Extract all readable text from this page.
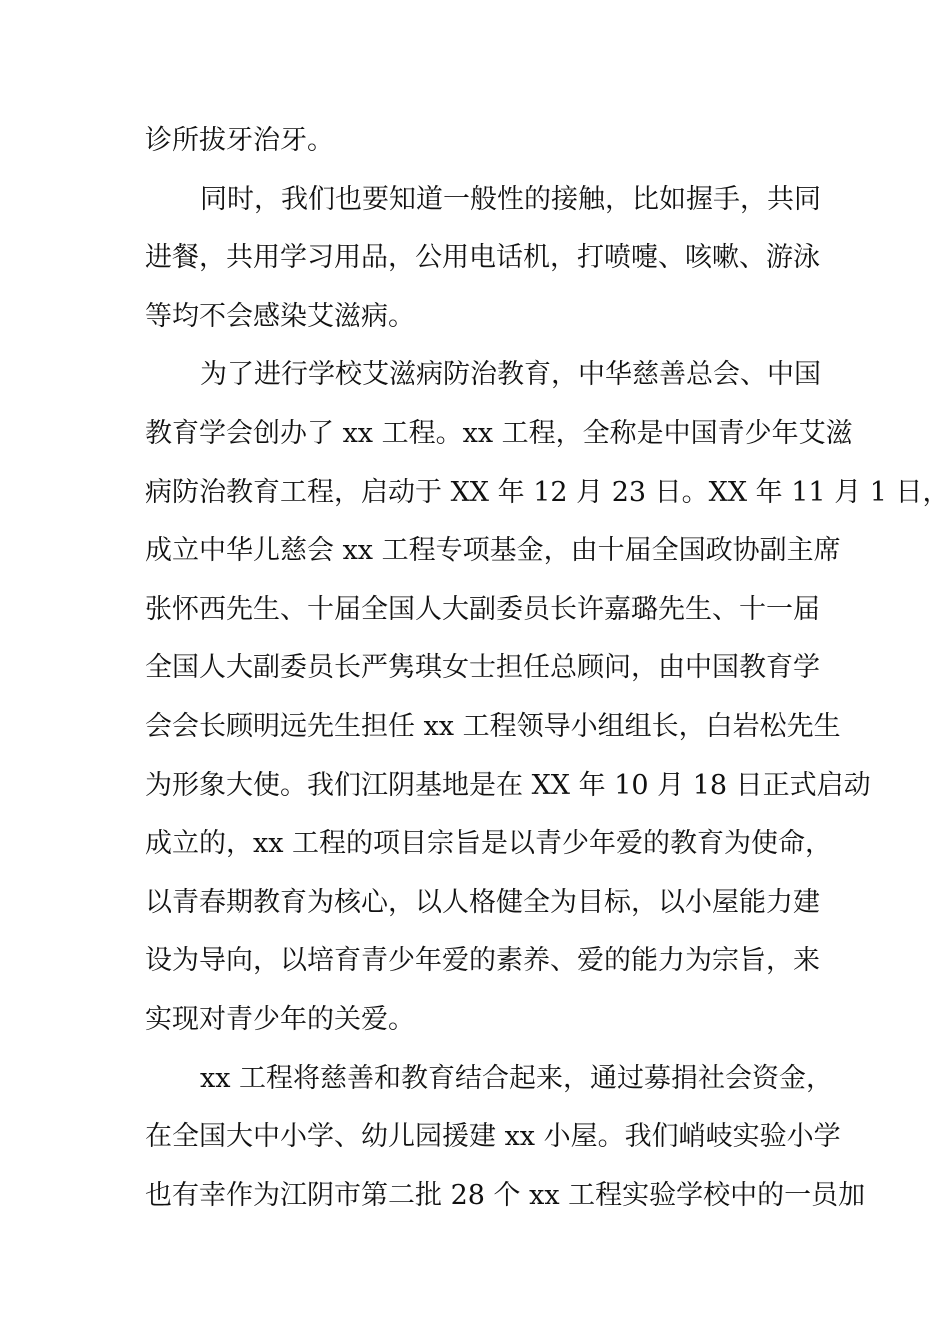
诊所拔牙治牙。
同时，我们也要知道一般性的接触，比如握手，共同
进餐，共用学习用品，公用电话机，打喷嚏、咳嗽、游泳
等均不会感染艾滋病。
为了进行学校艾滋病防治教育，中华慈善总会、中国
教育学会创办了 xx 工程。xx 工程，全称是中国青少年艾滋
病防治教育工程，启动于 XX 年 12 月 23 日。XX 年 11 月 1 日，
成立中华儿慈会 xx 工程专项基金，由十届全国政协副主席
张怀西先生、十届全国人大副委员长许嘉璐先生、十一届
全国人大副委员长严隽琪女士担任总顾问，由中国教育学
会会长顾明远先生担任 xx 工程领导小组组长，白岩松先生
为形象大使。我们江阴基地是在 XX 年 10 月 18 日正式启动
成立的，xx 工程的项目宗旨是以青少年爱的教育为使命，
以青春期教育为核心，以人格健全为目标，以小屋能力建
设为导向，以培育青少年爱的素养、爱的能力为宗旨，来
实现对青少年的关爱。
xx 工程将慈善和教育结合起来，通过募捐社会资金，
在全国大中小学、幼儿园援建 xx 小屋。我们峭岐实验小学
也有幸作为江阴市第二批 28 个 xx 工程实验学校中的一员加
